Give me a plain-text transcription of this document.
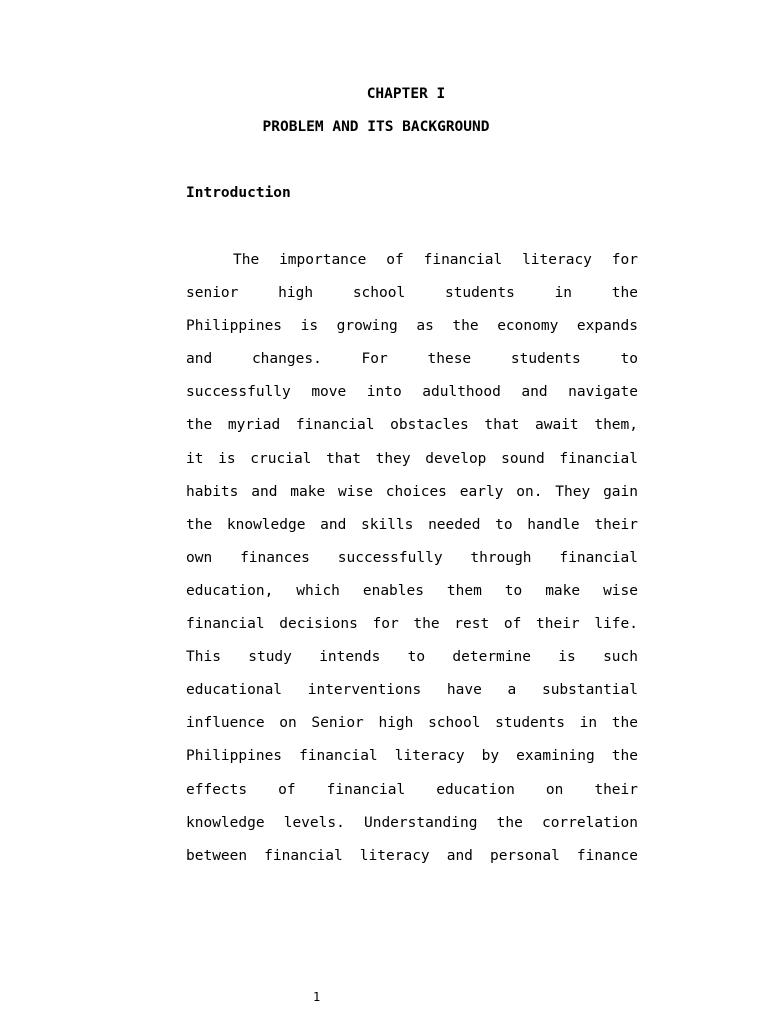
CHAPTER I
PROBLEM AND ITS BACKGROUND
Introduction
The importance of financial literacy for
senior high school students in the
Philippines is growing as the economy expands
and changes. For these students to
successfully move into adulthood and navigate
the myriad financial obstacles that await them,
it is crucial that they develop sound financial
habits and make wise choices early on. They gain
the knowledge and skills needed to handle their
own finances successfully through financial
education, which enables them to make wise
financial decisions for the rest of their life.
This study intends to determine is such
educational interventions have a substantial
influence on Senior high school students in the
Philippines financial literacy by examining the
effects of financial education on their
knowledge levels. Understanding the correlation
between financial literacy and personal finance
1
